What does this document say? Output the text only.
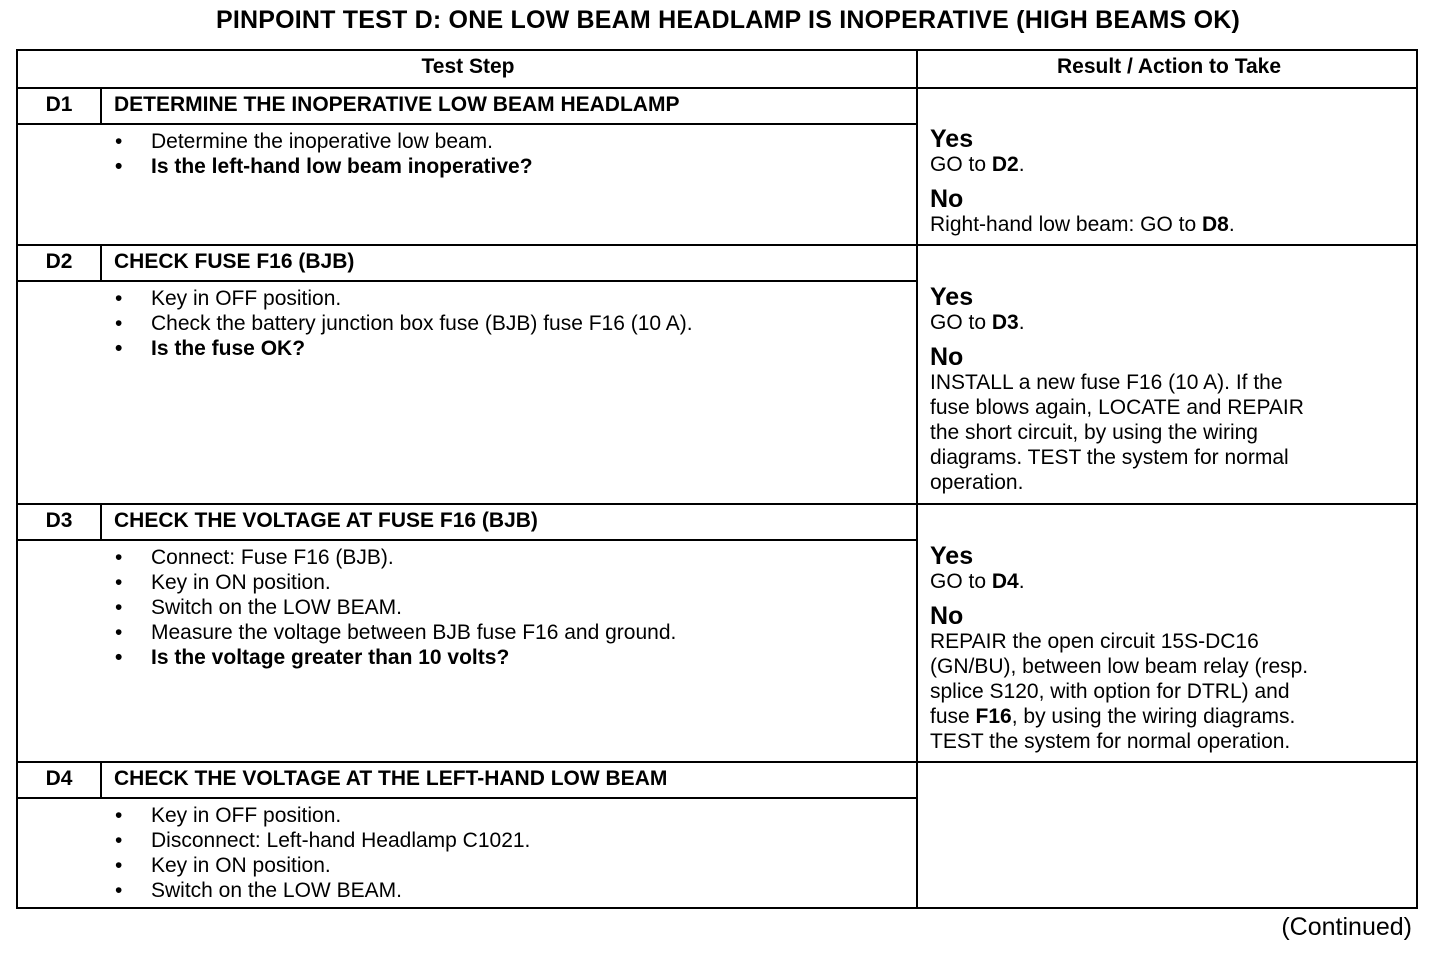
PINPOINT TEST D: ONE LOW BEAM HEADLAMP IS INOPERATIVE (HIGH BEAMS OK)
Test Step	Result / Action to Take
D1	DETERMINE THE INOPERATIVE LOW BEAM HEADLAMP
• Determine the inoperative low beam.
• Is the left-hand low beam inoperative?
Yes
GO to D2.
No
Right-hand low beam: GO to D8.
D2	CHECK FUSE F16 (BJB)
• Key in OFF position.
• Check the battery junction box fuse (BJB) fuse F16 (10 A).
• Is the fuse OK?
Yes
GO to D3.
No
INSTALL a new fuse F16 (10 A). If the
fuse blows again, LOCATE and REPAIR
the short circuit, by using the wiring
diagrams. TEST the system for normal
operation.
D3	CHECK THE VOLTAGE AT FUSE F16 (BJB)
• Connect: Fuse F16 (BJB).
• Key in ON position.
• Switch on the LOW BEAM.
• Measure the voltage between BJB fuse F16 and ground.
• Is the voltage greater than 10 volts?
Yes
GO to D4.
No
REPAIR the open circuit 15S-DC16
(GN/BU), between low beam relay (resp.
splice S120, with option for DTRL) and
fuse F16, by using the wiring diagrams.
TEST the system for normal operation.
D4	CHECK THE VOLTAGE AT THE LEFT-HAND LOW BEAM
• Key in OFF position.
• Disconnect: Left-hand Headlamp C1021.
• Key in ON position.
• Switch on the LOW BEAM.
(Continued)
